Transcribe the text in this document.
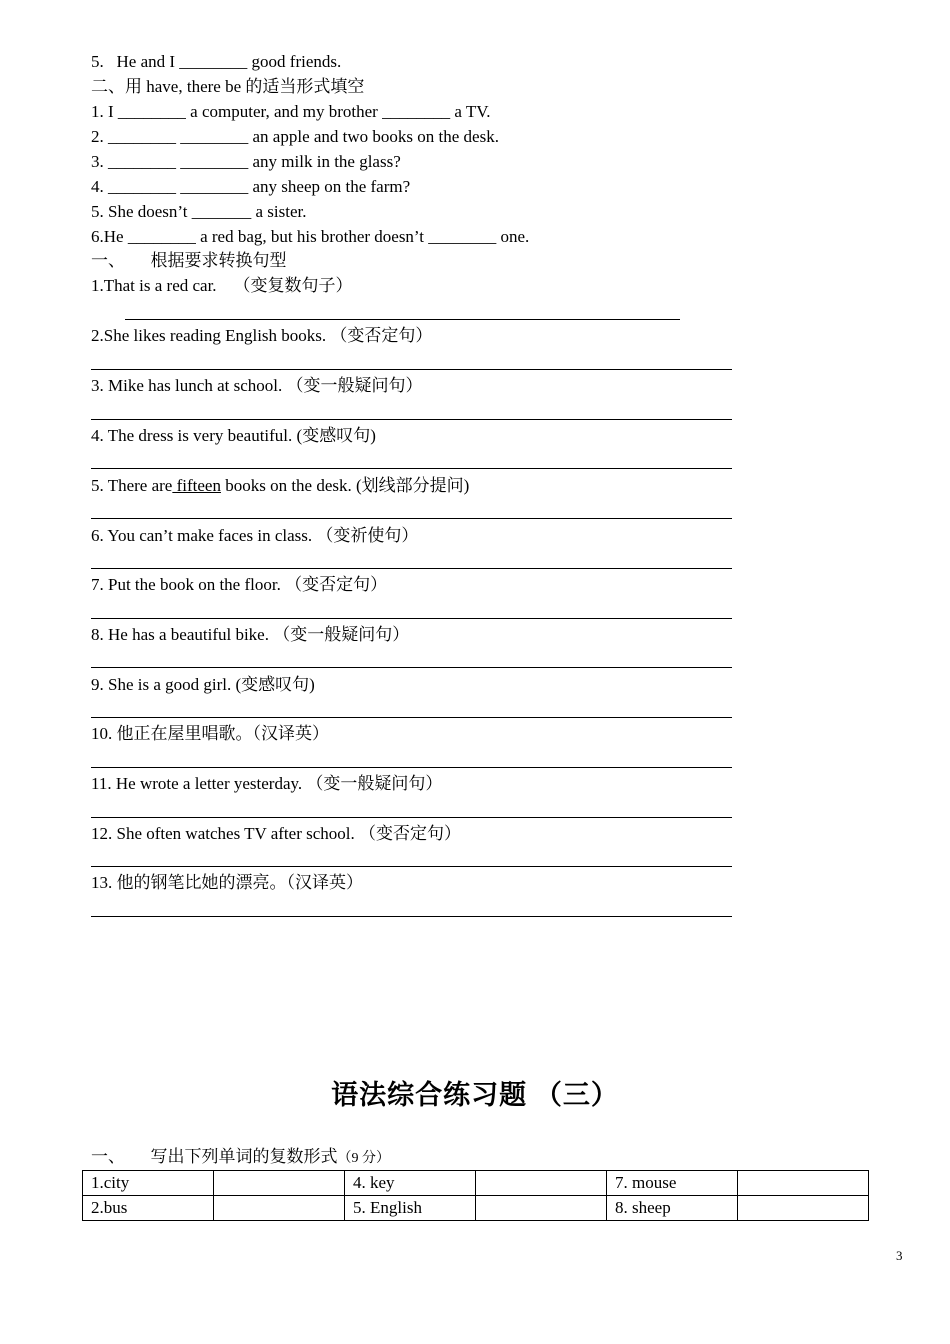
5.   He and I ________ good friends.
二、用 have, there be 的适当形式填空
1. I ________ a computer, and my brother ________ a TV.
2. ________ ________ an apple and two books on the desk.
3. ________ ________ any milk in the glass?
4. ________ ________ any sheep on the farm?
5. She doesn’t _______ a sister.
6.He ________ a red bag, but his brother doesn’t ________ one.
一、      根据要求转换句型
1.That is a red car.    （变复数句子）
2.She likes reading English books. （变否定句）
3. Mike has lunch at school. （变一般疑问句）
4. The dress is very beautiful. (变感叹句)
5. There are fifteen books on the desk. (划线部分提问)
6. You can’t make faces in class. （变祈使句）
7. Put the book on the floor. （变否定句）
8. He has a beautiful bike. （变一般疑问句）
9. She is a good girl. (变感叹句)
10. 他正在屋里唱歌。（汉译英）
11. He wrote a letter yesterday. （变一般疑问句）
12. She often watches TV after school. （变否定句）
13. 他的钢笔比她的漂亮。（汉译英）
语法综合练习题 （三）
一、      写出下列单词的复数形式（9 分）
1.city		4. key		7. mouse	
2.bus		5. English		8. sheep	
3
